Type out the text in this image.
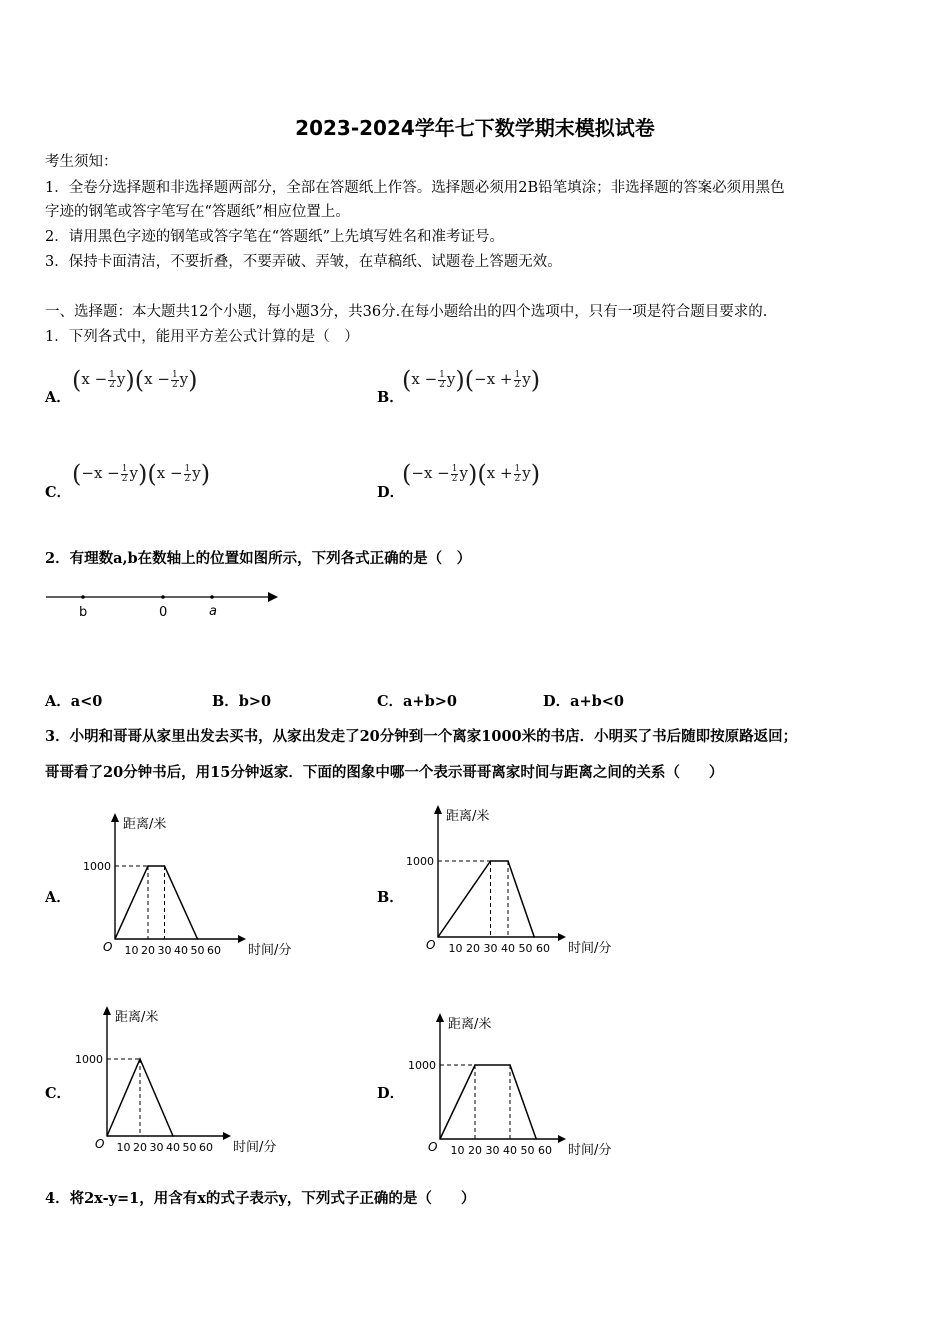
2023-2024学年七下数学期末模拟试卷
考生须知：
1．全卷分选择题和非选择题两部分，全部在答题纸上作答。选择题必须用2B铅笔填涂；非选择题的答案必须用黑色
字迹的钢笔或答字笔写在“答题纸”相应位置上。
2．请用黑色字迹的钢笔或答字笔在“答题纸”上先填写姓名和准考证号。
3．保持卡面清洁，不要折叠，不要弄破、弄皱，在草稿纸、试题卷上答题无效。
一、选择题：本大题共12个小题，每小题3分，共36分.在每小题给出的四个选项中，只有一项是符合题目要求的.
1．下列各式中，能用平方差公式计算的是（　）
A．
$(x - \frac{1}{2} y)(x - \frac{1}{2} y)$
B．
$(x - \frac{1}{2} y)(-x + \frac{1}{2} y)$
C．
$(-x - \frac{1}{2} y)(x - \frac{1}{2} y)$
D．
$(-x - \frac{1}{2} y)(x + \frac{1}{2} y)$
2．有理数a,b在数轴上的位置如图所示，下列各式正确的是（　）
b	0	a
A．a<0	B．b>0	C．a+b>0	D．a+b<0
3．小明和哥哥从家里出发去买书，从家出发走了20分钟到一个离家1000米的书店．小明买了书后随即按原路返回；
哥哥看了20分钟书后，用15分钟返家．下面的图象中哪一个表示哥哥离家时间与距离之间的关系（　　）
A．	B．
C．	D．
距离/米
时间/分
O
1000
10 20 30 40 50 60
距离/米
时间/分
O
1000
10 20 30 40 50 60
距离/米
时间/分
O
1000
10 20 30 40 50 60
距离/米
时间/分
O
1000
10 20 30 40 50 60
4．将2x-y=1，用含有x的式子表示y，下列式子正确的是（　　）
